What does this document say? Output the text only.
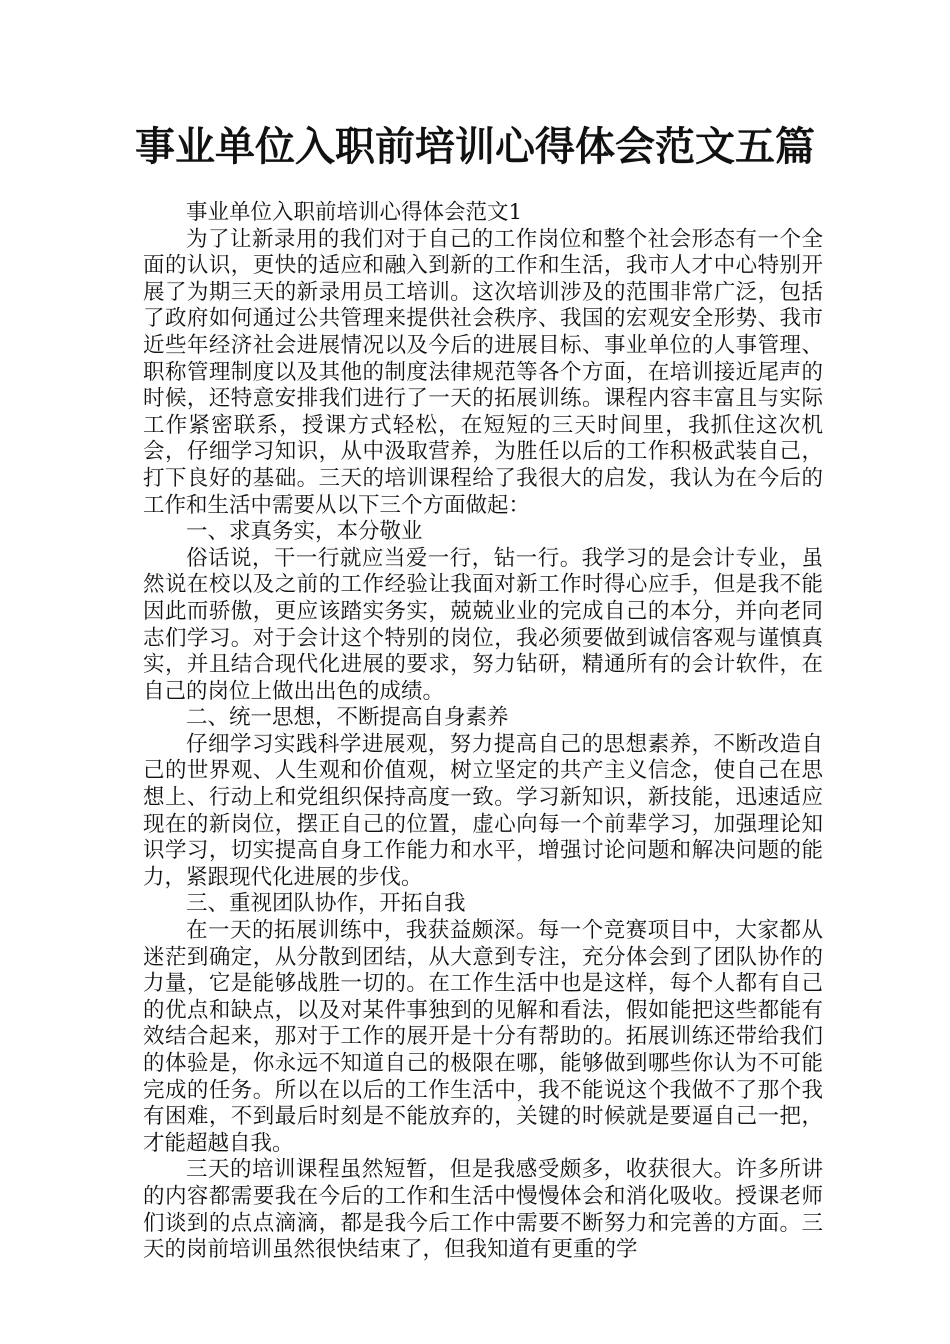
事业单位入职前培训心得体会范文五篇

事业单位入职前培训心得体会范文1

为了让新录用的我们对于自己的工作岗位和整个社会形态有一个全面的认识，更快的适应和融入到新的工作和生活，我市人才中心特别开展了为期三天的新录用员工培训。这次培训涉及的范围非常广泛，包括了政府如何通过公共管理来提供社会秩序、我国的宏观安全形势、我市近些年经济社会进展情况以及今后的进展目标、事业单位的人事管理、职称管理制度以及其他的制度法律规范等各个方面，在培训接近尾声的时候，还特意安排我们进行了一天的拓展训练。课程内容丰富且与实际工作紧密联系，授课方式轻松，在短短的三天时间里，我抓住这次机会，仔细学习知识，从中汲取营养，为胜任以后的工作积极武装自己，打下良好的基础。三天的培训课程给了我很大的启发，我认为在今后的工作和生活中需要从以下三个方面做起：

一、求真务实，本分敬业

俗话说，干一行就应当爱一行，钻一行。我学习的是会计专业，虽然说在校以及之前的工作经验让我面对新工作时得心应手，但是我不能因此而骄傲，更应该踏实务实，兢兢业业的完成自己的本分，并向老同志们学习。对于会计这个特别的岗位，我必须要做到诚信客观与谨慎真实，并且结合现代化进展的要求，努力钻研，精通所有的会计软件，在自己的岗位上做出出色的成绩。

二、统一思想，不断提高自身素养

仔细学习实践科学进展观，努力提高自己的思想素养，不断改造自己的世界观、人生观和价值观，树立坚定的共产主义信念，使自己在思想上、行动上和党组织保持高度一致。学习新知识，新技能，迅速适应现在的新岗位，摆正自己的位置，虚心向每一个前辈学习，加强理论知识学习，切实提高自身工作能力和水平，增强讨论问题和解决问题的能力，紧跟现代化进展的步伐。

三、重视团队协作，开拓自我

在一天的拓展训练中，我获益颇深。每一个竞赛项目中，大家都从迷茫到确定，从分散到团结，从大意到专注，充分体会到了团队协作的力量，它是能够战胜一切的。在工作生活中也是这样，每个人都有自己的优点和缺点，以及对某件事独到的见解和看法，假如能把这些都能有效结合起来，那对于工作的展开是十分有帮助的。拓展训练还带给我们的体验是，你永远不知道自己的极限在哪，能够做到哪些你认为不可能完成的任务。所以在以后的工作生活中，我不能说这个我做不了那个我有困难，不到最后时刻是不能放弃的，关键的时候就是要逼自己一把，才能超越自我。

三天的培训课程虽然短暂，但是我感受颇多，收获很大。许多所讲的内容都需要我在今后的工作和生活中慢慢体会和消化吸收。授课老师们谈到的点点滴滴，都是我今后工作中需要不断努力和完善的方面。三天的岗前培训虽然很快结束了，但我知道有更重的学
